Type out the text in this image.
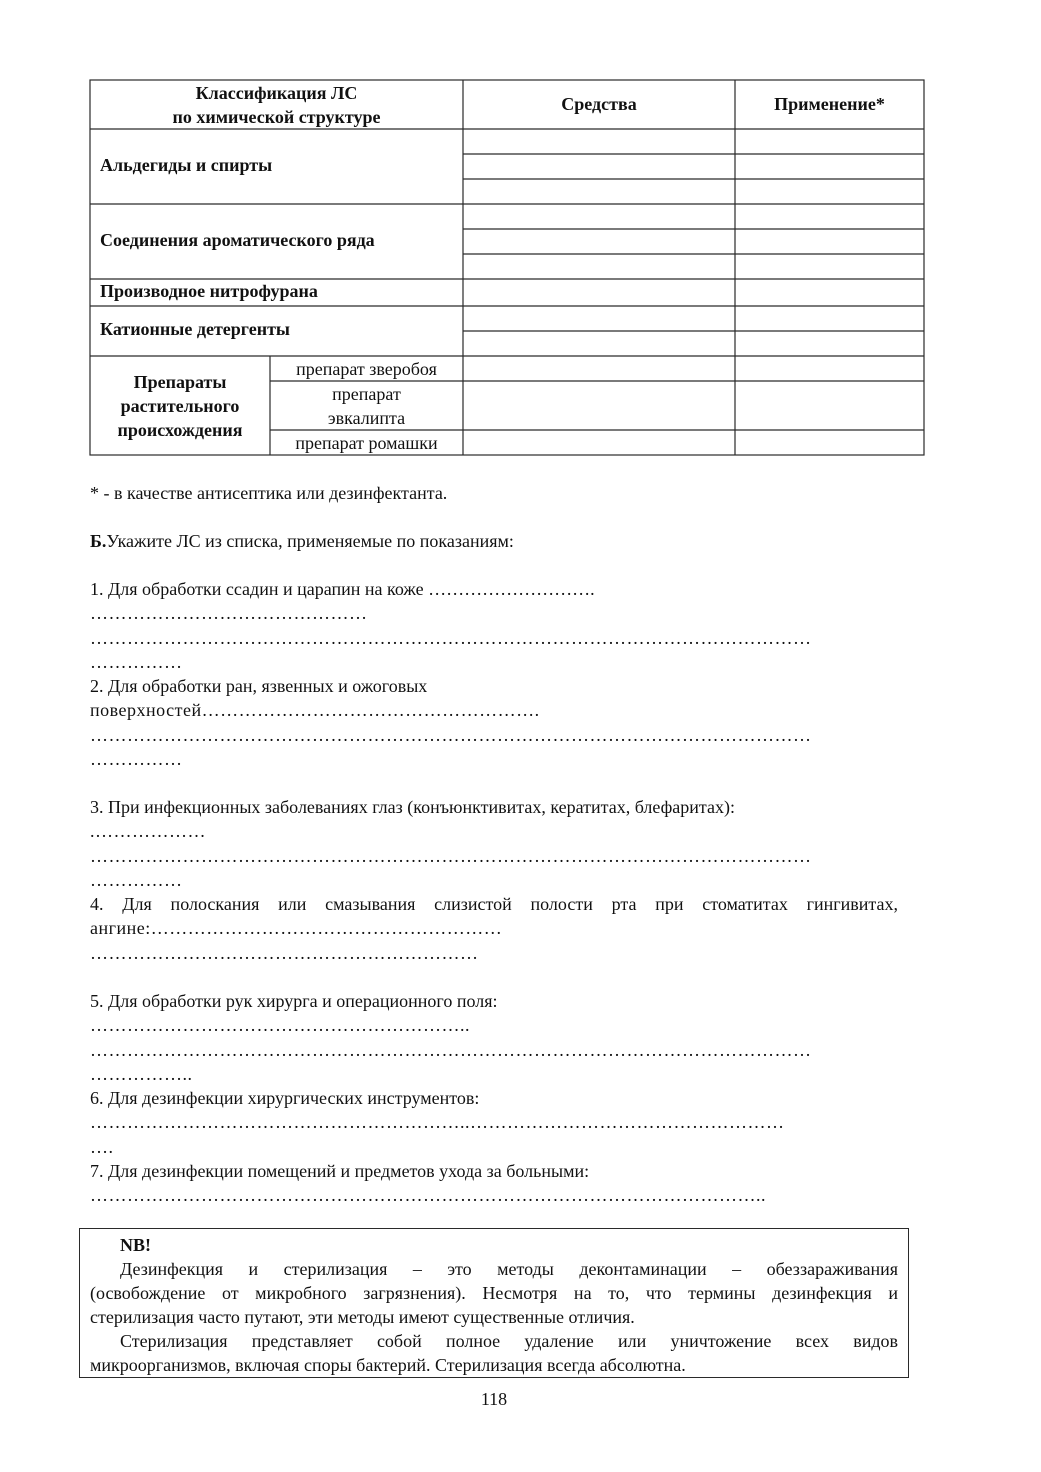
Классификация ЛС
по химической структуре
Средства	Применение*
Альдегиды и спирты
Соединения ароматического ряда
Производное нитрофурана
Катионные детергенты
Препараты
растительного
происхождения
препарат зверобоя
препарат
эвкалипта
препарат ромашки
* - в качестве антисептика или дезинфектанта.
Б.Укажите ЛС из списка, применяемые по показаниям:
1. Для обработки ссадин и царапин на коже ……………………….
………………………………………
………………………………………………………………………………………………………
……………
2. Для обработки ран, язвенных и ожоговых
поверхностей……………………………………………….
………………………………………………………………………………………………………
……………
3. При инфекционных заболеваниях глаз (конъюнктивитах, кератитах, блефаритах):
.………………
………………………………………………………………………………………………………
……………
4. Для полоскания или смазывания слизистой полости рта при стоматитах гингивитах,
ангине:…………………………………………………
………………………………………………………
5. Для обработки рук хирурга и операционного поля:
……………………………………………………..
………………………………………………………………………………………………………
……………..
6. Для дезинфекции хирургических инструментов:
……………………………………………………..……………………………………………
….
7. Для дезинфекции помещений и предметов ухода за больными:
………………………………………………………………………………………………..
NB!
Дезинфекция и стерилизация – это методы деконтаминации – обеззараживания
(освобождение от микробного загрязнения). Несмотря на то, что термины дезинфекция и
стерилизация часто путают, эти методы имеют существенные отличия.
Стерилизация представляет собой полное удаление или уничтожение всех видов
микроорганизмов, включая споры бактерий. Стерилизация всегда абсолютна.
118
